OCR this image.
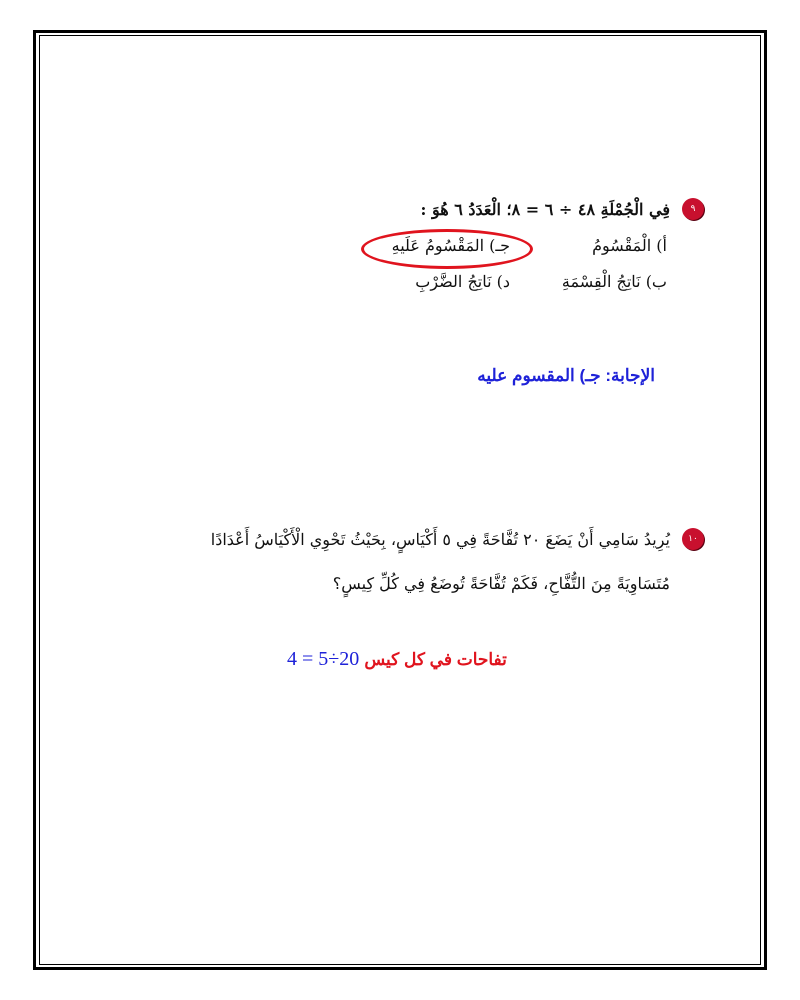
٩
فِي الْجُمْلَةِ ٤٨ ÷ ٦ = ٨؛ الْعَدَدُ ٦ هُوَ :
أ) الْمَقْسُومُ
جـ) المَقْسُومُ عَلَيهِ
ب) نَاتِجُ الْقِسْمَةِ
د) نَاتِجُ الضَّرْبِ
الإجابة: جـ) المقسوم عليه
١٠
يُرِيدُ سَامِي أَنْ يَضَعَ ٢٠ تُفَّاحَةً فِي ٥ أَكْيَاسٍ، بِحَيْثُ تَحْوِي الْأَكْيَاسُ أَعْدَادًا
مُتَسَاوِيَةً مِنَ التُّفَّاحِ، فَكَمْ تُفَّاحَةً تُوضَعُ فِي كُلِّ كِيسٍ؟
تفاحات في كل كيس 20÷5 = 4
